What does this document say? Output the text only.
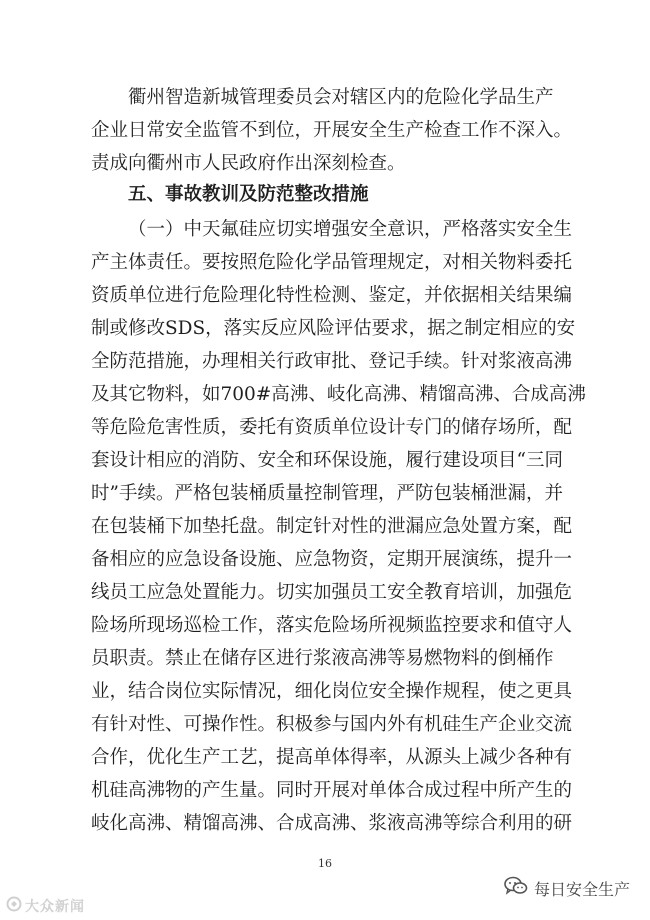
衢州智造新城管理委员会对辖区内的危险化学品生产
企业日常安全监管不到位，开展安全生产检查工作不深入。
责成向衢州市人民政府作出深刻检查。
五、事故教训及防范整改措施
（一）中天氟硅应切实增强安全意识，严格落实安全生
产主体责任。要按照危险化学品管理规定，对相关物料委托
资质单位进行危险理化特性检测、鉴定，并依据相关结果编
制或修改SDS，落实反应风险评估要求，据之制定相应的安
全防范措施，办理相关行政审批、登记手续。针对浆液高沸
及其它物料，如700#高沸、岐化高沸、精馏高沸、合成高沸
等危险危害性质，委托有资质单位设计专门的储存场所，配
套设计相应的消防、安全和环保设施，履行建设项目“三同
时”手续。严格包装桶质量控制管理，严防包装桶泄漏，并
在包装桶下加垫托盘。制定针对性的泄漏应急处置方案，配
备相应的应急设备设施、应急物资，定期开展演练，提升一
线员工应急处置能力。切实加强员工安全教育培训，加强危
险场所现场巡检工作，落实危险场所视频监控要求和值守人
员职责。禁止在储存区进行浆液高沸等易燃物料的倒桶作
业，结合岗位实际情况，细化岗位安全操作规程，使之更具
有针对性、可操作性。积极参与国内外有机硅生产企业交流
合作，优化生产工艺，提高单体得率，从源头上减少各种有
机硅高沸物的产生量。同时开展对单体合成过程中所产生的
岐化高沸、精馏高沸、合成高沸、浆液高沸等综合利用的研
16
大众新闻
每日安全生产
